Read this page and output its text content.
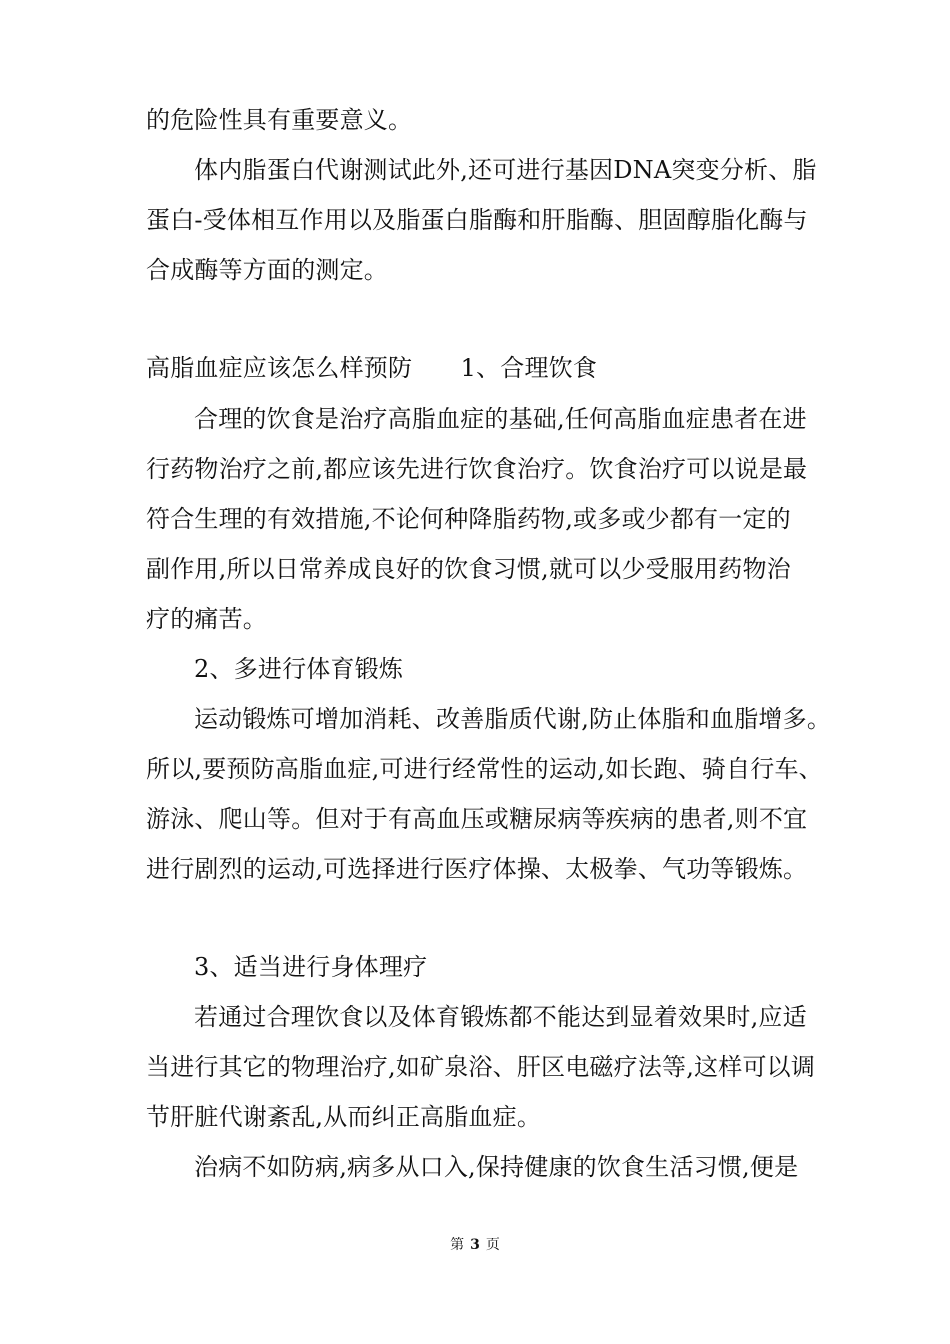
的危险性具有重要意义。
体内脂蛋白代谢测试此外,还可进行基因DNA突变分析、脂
蛋白-受体相互作用以及脂蛋白脂酶和肝脂酶、胆固醇脂化酶与
合成酶等方面的测定。
高脂血症应该怎么样预防　　1、合理饮食
合理的饮食是治疗高脂血症的基础,任何高脂血症患者在进
行药物治疗之前,都应该先进行饮食治疗。饮食治疗可以说是最
符合生理的有效措施,不论何种降脂药物,或多或少都有一定的
副作用,所以日常养成良好的饮食习惯,就可以少受服用药物治
疗的痛苦。
2、多进行体育锻炼
运动锻炼可增加消耗、改善脂质代谢,防止体脂和血脂增多。
所以,要预防高脂血症,可进行经常性的运动,如长跑、骑自行车、
游泳、爬山等。但对于有高血压或糖尿病等疾病的患者,则不宜
进行剧烈的运动,可选择进行医疗体操、太极拳、气功等锻炼。
3、适当进行身体理疗
若通过合理饮食以及体育锻炼都不能达到显着效果时,应适
当进行其它的物理治疗,如矿泉浴、肝区电磁疗法等,这样可以调
节肝脏代谢紊乱,从而纠正高脂血症。
治病不如防病,病多从口入,保持健康的饮食生活习惯,便是
第 3 页
